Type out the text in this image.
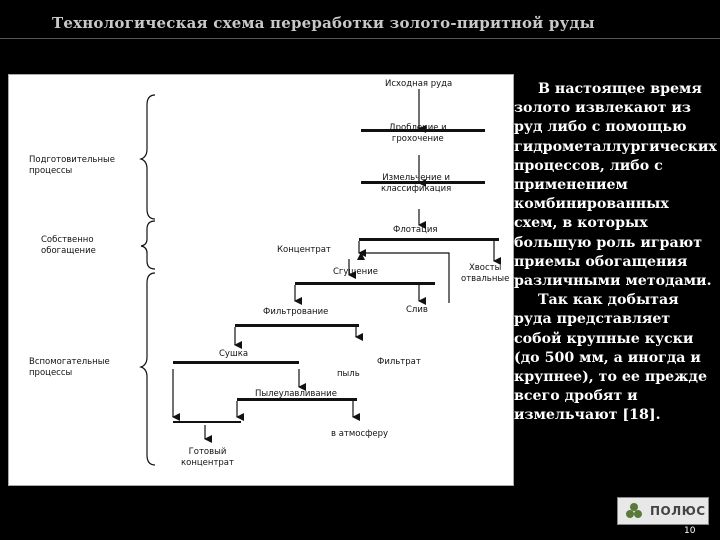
Технологическая схема переработки золото-пиритной руды
Подготовительные
процессы
Собственно
обогащение
Вспомогательные
процессы
Исходная руда
Дробление и
грохочение
Измельчение и
классификация
Флотация
Концентрат
Сгущение	Хвосты
отвальные
Фильтрование	Слив
Сушка
Фильтрат
пыль
Пылеулавливание
Готовый
концентрат
в атмосферу

В настоящее время золото извлекают из руд либо с помощью гидрометаллургических процессов, либо с применением комбинированных схем, в которых большую роль играют приемы обогащения различными методами.

Так как добытая руда представляет собой крупные куски (до 500 мм, а иногда и крупнее), то ее прежде всего дробят и измельчают [18].

ПОЛЮС
10
